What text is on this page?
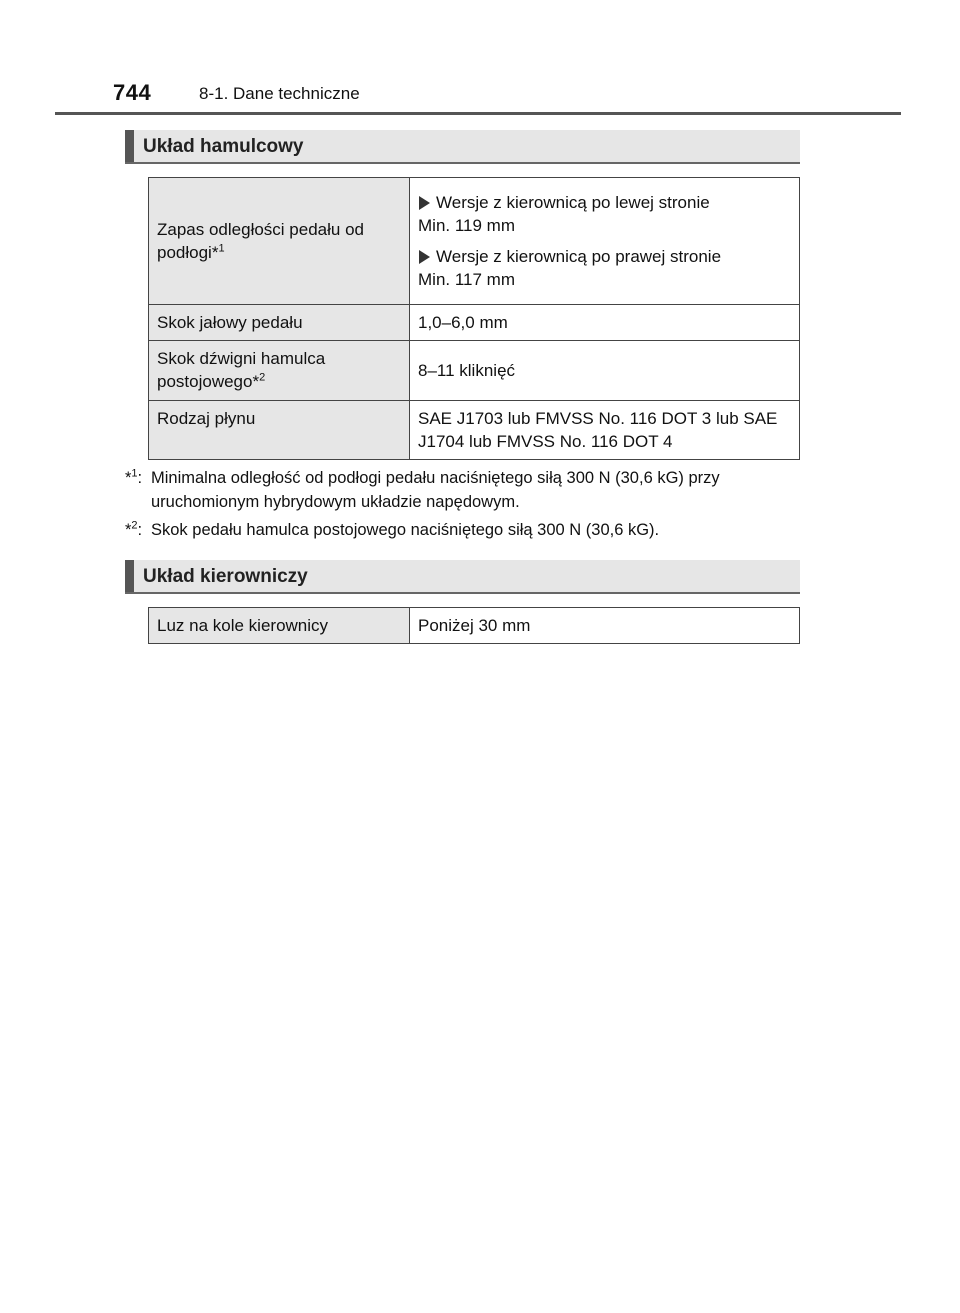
744	8-1. Dane techniczne
Układ hamulcowy
Zapas odległości pedału od podłogi*$^1$	Wersje z kierownicą po lewej stronie
Min. 119 mm
Wersje z kierownicą po prawej stronie
Min. 117 mm

Skok jałowy pedału	1,0–6,0 mm
Skok dźwigni hamulca postojowego*$^2$	8–11 kliknięć
Rodzaj płynu	SAE J1703 lub FMVSS No. 116 DOT 3 lub SAE J1704 lub FMVSS No. 116 DOT 4
*$^1$: Minimalna odległość od podłogi pedału naciśniętego siłą 300 N (30,6 kG) przy uruchomionym hybrydowym układzie napędowym.
*$^2$: Skok pedału hamulca postojowego naciśniętego siłą 300 N (30,6 kG).
Układ kierowniczy
Luz na kole kierownicy	Poniżej 30 mm
